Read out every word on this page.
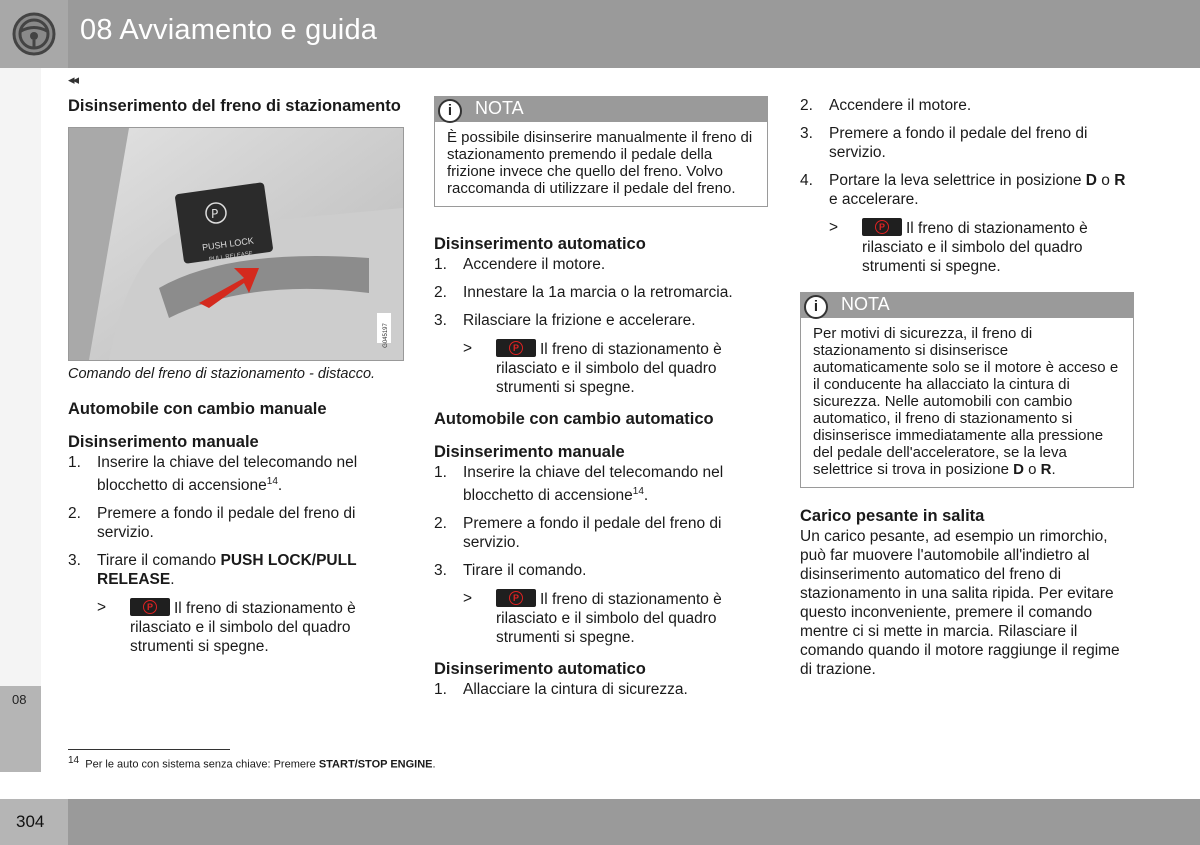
08 Avviamento e guida
◂◂
08
Disinserimento del freno di stazionamento
P
PUSH LOCK
PULL RELEASE
G045197
Comando del freno di stazionamento - distacco.
Automobile con cambio manuale
Disinserimento manuale
1. Inserire la chiave del telecomando nel blocchetto di accensione$^{14}$.
2. Premere a fondo il pedale del freno di servizio.
3. Tirare il comando PUSH LOCK/PULL RELEASE.
>	P Il freno di stazionamento è rilasciato e il simbolo del quadro strumenti si spegne.
i	NOTA
È possibile disinserire manualmente il freno di stazionamento premendo il pedale della frizione invece che quello del freno. Volvo raccomanda di utilizzare il pedale del freno.
Disinserimento automatico
1. Accendere il motore.
2. Innestare la 1a marcia o la retromarcia.
3. Rilasciare la frizione e accelerare.
>	P Il freno di stazionamento è rilasciato e il simbolo del quadro strumenti si spegne.
Automobile con cambio automatico
Disinserimento manuale
1. Inserire la chiave del telecomando nel blocchetto di accensione$^{14}$.
2. Premere a fondo il pedale del freno di servizio.
3. Tirare il comando.
>	P Il freno di stazionamento è rilasciato e il simbolo del quadro strumenti si spegne.
Disinserimento automatico
1. Allacciare la cintura di sicurezza.
2. Accendere il motore.
3. Premere a fondo il pedale del freno di servizio.
4. Portare la leva selettrice in posizione D o R e accelerare.
>	P Il freno di stazionamento è rilasciato e il simbolo del quadro strumenti si spegne.
i	NOTA
Per motivi di sicurezza, il freno di stazionamento si disinserisce automaticamente solo se il motore è acceso e il conducente ha allacciato la cintura di sicurezza. Nelle automobili con cambio automatico, il freno di stazionamento si disinserisce immediatamente alla pressione del pedale dell'acceleratore, se la leva selettrice si trova in posizione D o R.
Carico pesante in salita
Un carico pesante, ad esempio un rimorchio, può far muovere l'automobile all'indietro al disinserimento automatico del freno di stazionamento in una salita ripida. Per evitare questo inconveniente, premere il comando mentre ci si mette in marcia. Rilasciare il comando quando il motore raggiunge il regime di trazione.
$^{14}$ Per le auto con sistema senza chiave: Premere START/STOP ENGINE.
304
